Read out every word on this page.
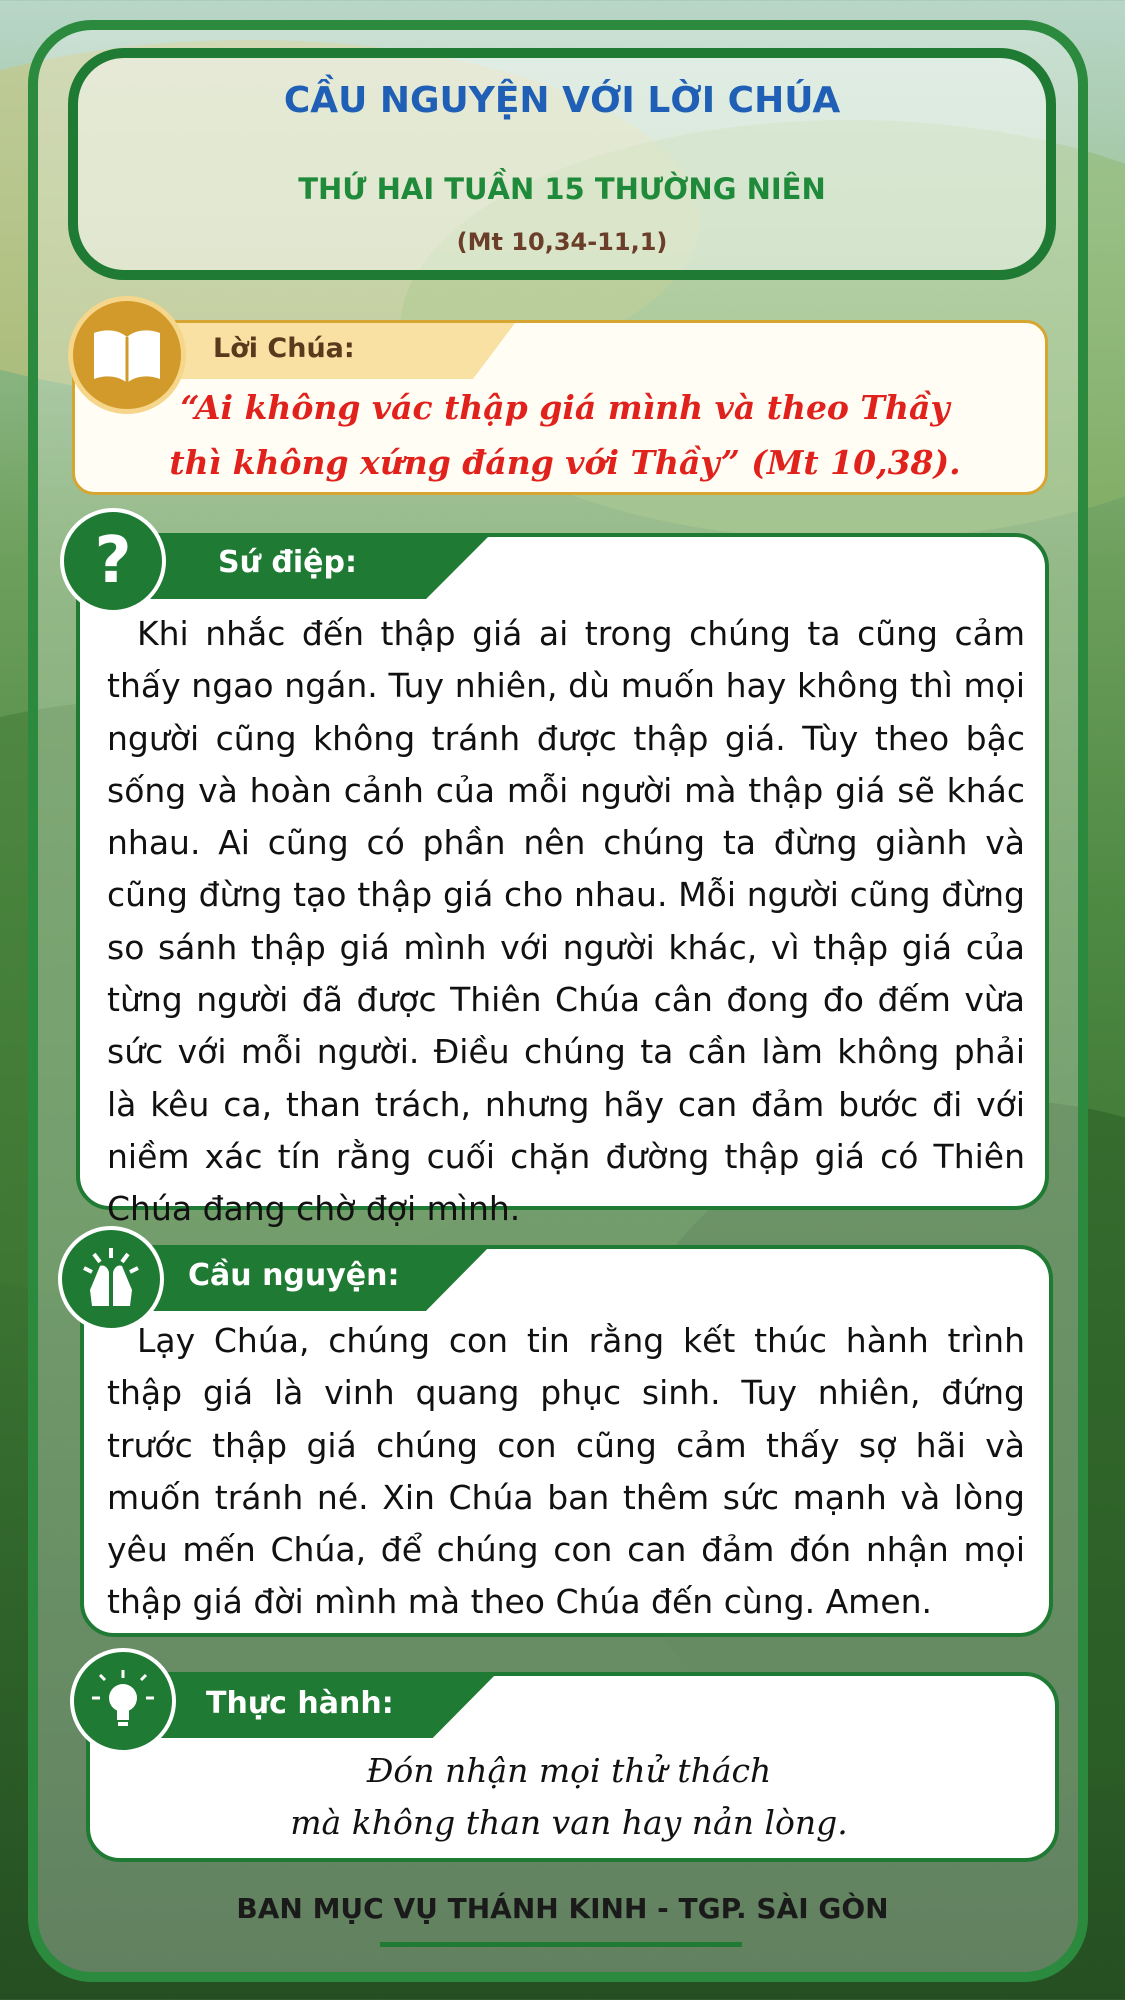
CẦU NGUYỆN VỚI LỜI CHÚA
THỨ HAI TUẦN 15 THƯỜNG NIÊN
(Mt 10,34-11,1)
Lời Chúa:
“Ai không vác thập giá mình và theo Thầy
thì không xứng đáng với Thầy” (Mt 10,38).
?	Sứ điệp:
Khi nhắc đến thập giá ai trong chúng ta cũng cảm thấy ngao ngán. Tuy nhiên, dù muốn hay không thì mọi người cũng không tránh được thập giá. Tùy theo bậc sống và hoàn cảnh của mỗi người mà thập giá sẽ khác nhau. Ai cũng có phần nên chúng ta đừng giành và cũng đừng tạo thập giá cho nhau. Mỗi người cũng đừng so sánh thập giá mình với người khác, vì thập giá của từng người đã được Thiên Chúa cân đong đo đếm vừa sức với mỗi người. Điều chúng ta cần làm không phải là kêu ca, than trách, nhưng hãy can đảm bước đi với niềm xác tín rằng cuối chặn đường thập giá có Thiên Chúa đang chờ đợi mình.
Cầu nguyện:
Lạy Chúa, chúng con tin rằng kết thúc hành trình thập giá là vinh quang phục sinh. Tuy nhiên, đứng trước thập giá chúng con cũng cảm thấy sợ hãi và muốn tránh né. Xin Chúa ban thêm sức mạnh và lòng yêu mến Chúa, để chúng con can đảm đón nhận mọi thập giá đời mình mà theo Chúa đến cùng. Amen.
Thực hành:
Đón nhận mọi thử thách
mà không than van hay nản lòng.
BAN MỤC VỤ THÁNH KINH - TGP. SÀI GÒN
